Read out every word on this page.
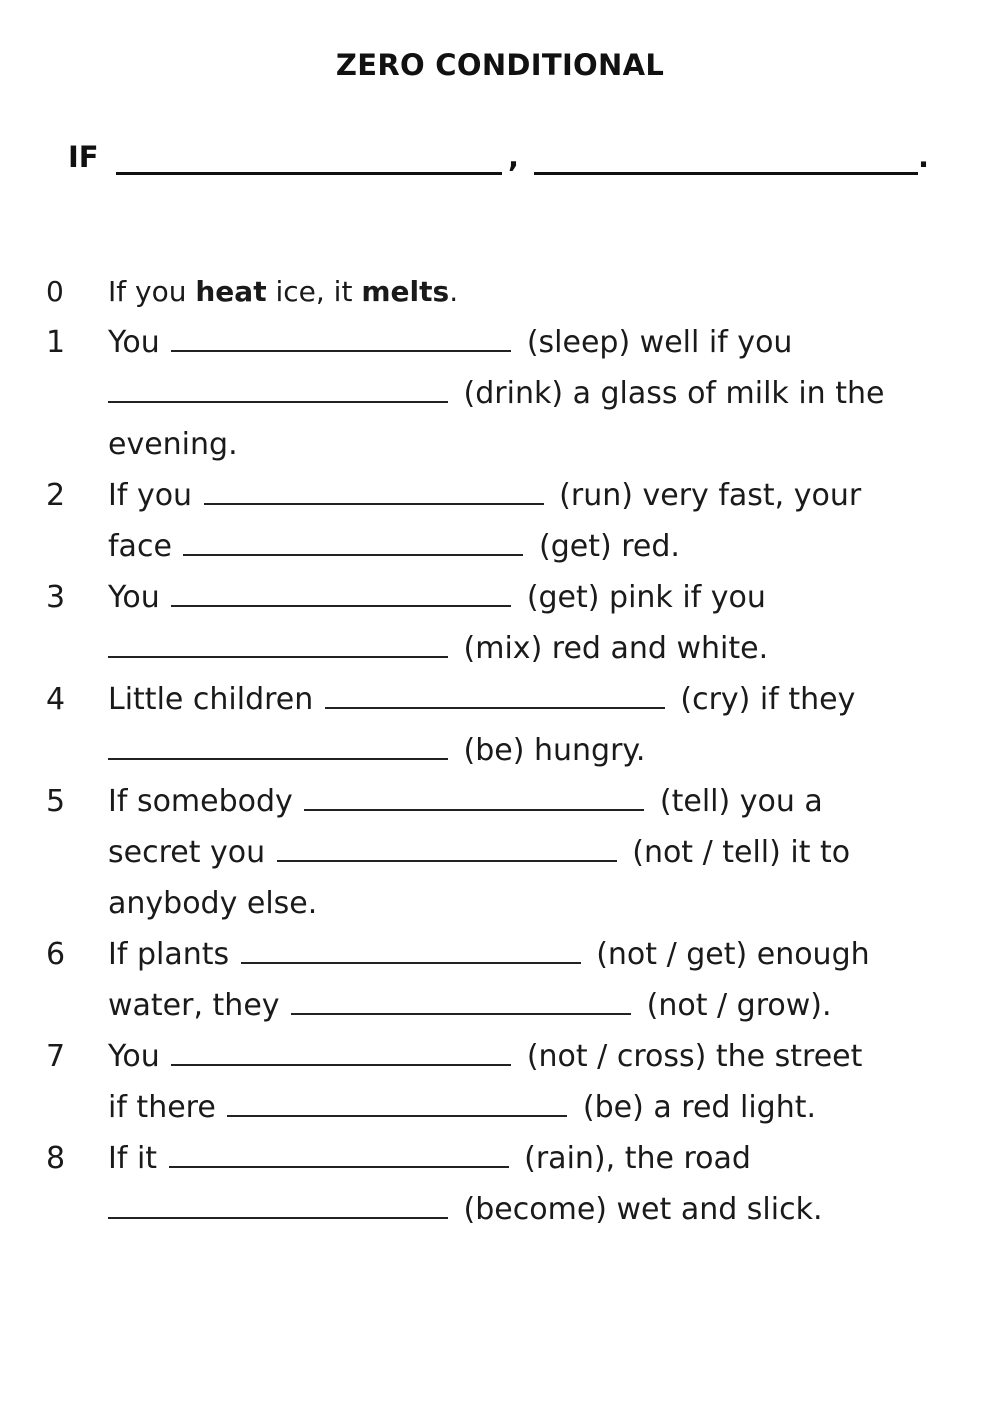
ZERO CONDITIONAL
IF	,	.
0	If you heat ice, it melts.
1	You	(sleep) well if you
(drink) a glass of milk in the
evening.
2	If you	(run) very fast, your
face	(get) red.
3	You	(get) pink if you
(mix) red and white.
4	Little children	(cry) if they
(be) hungry.
5	If somebody	(tell) you a
secret you	(not / tell) it to
anybody else.
6	If plants	(not / get) enough
water, they	(not / grow).
7	You	(not / cross) the street
if there	(be) a red light.
8	If it	(rain), the road
(become) wet and slick.
